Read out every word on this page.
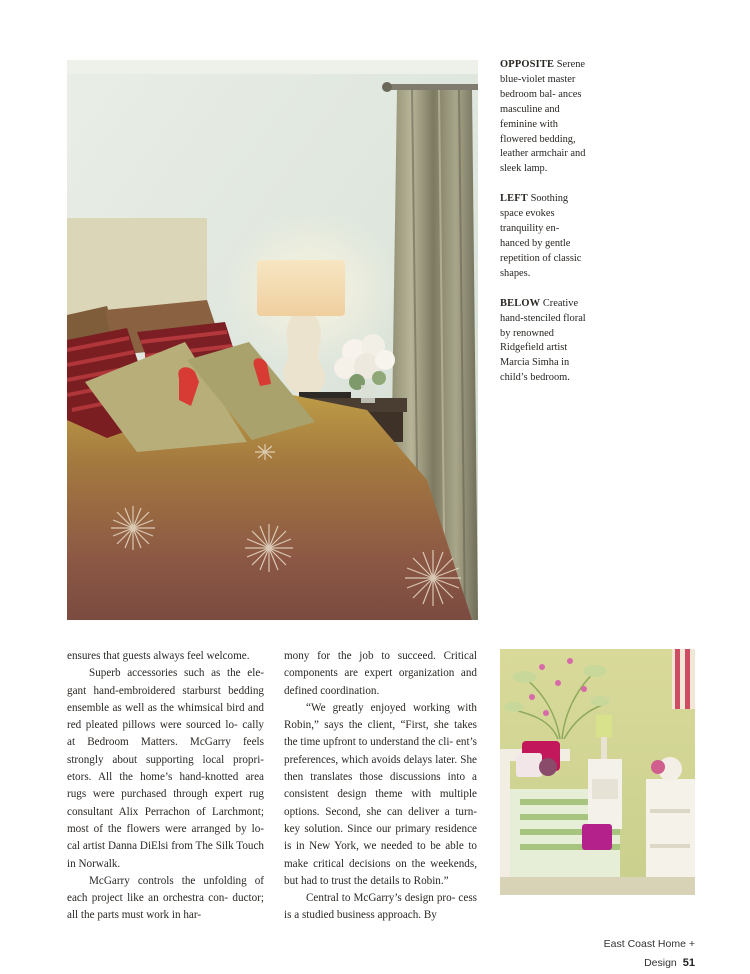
OPPOSITE Serene blue-violet master bedroom bal- ances masculine and feminine with flowered bedding, leather armchair and sleek lamp.

LEFT Soothing space evokes tranquility en- hanced by gentle repetition of classic shapes.

BELOW Creative hand-stenciled floral by renowned Ridgefield artist Marcia Simha in child’s bedroom.

ensures that guests always feel welcome.

Superb accessories such as the ele- gant hand-embroidered starburst bedding ensemble as well as the whimsical bird and red pleated pillows were sourced lo- cally at Bedroom Matters. McGarry feels strongly about supporting local propri- etors. All the home’s hand-knotted area rugs were purchased through expert rug consultant Alix Perrachon of Larchmont; most of the flowers were arranged by lo- cal artist Danna DiElsi from The Silk Touch in Norwalk.

McGarry controls the unfolding of each project like an orchestra con- ductor; all the parts must work in har-

mony for the job to succeed. Critical components are expert organization and defined coordination.

“We greatly enjoyed working with Robin,” says the client, “First, she takes the time upfront to understand the cli- ent’s preferences, which avoids delays later. She then translates those discussions into a consistent design theme with multiple options. Second, she can deliver a turn- key solution. Since our primary residence is in New York, we needed to be able to make critical decisions on the weekends, but had to trust the details to Robin.”

Central to McGarry’s design pro- cess is a studied business approach. By

East Coast Home + Design 51
